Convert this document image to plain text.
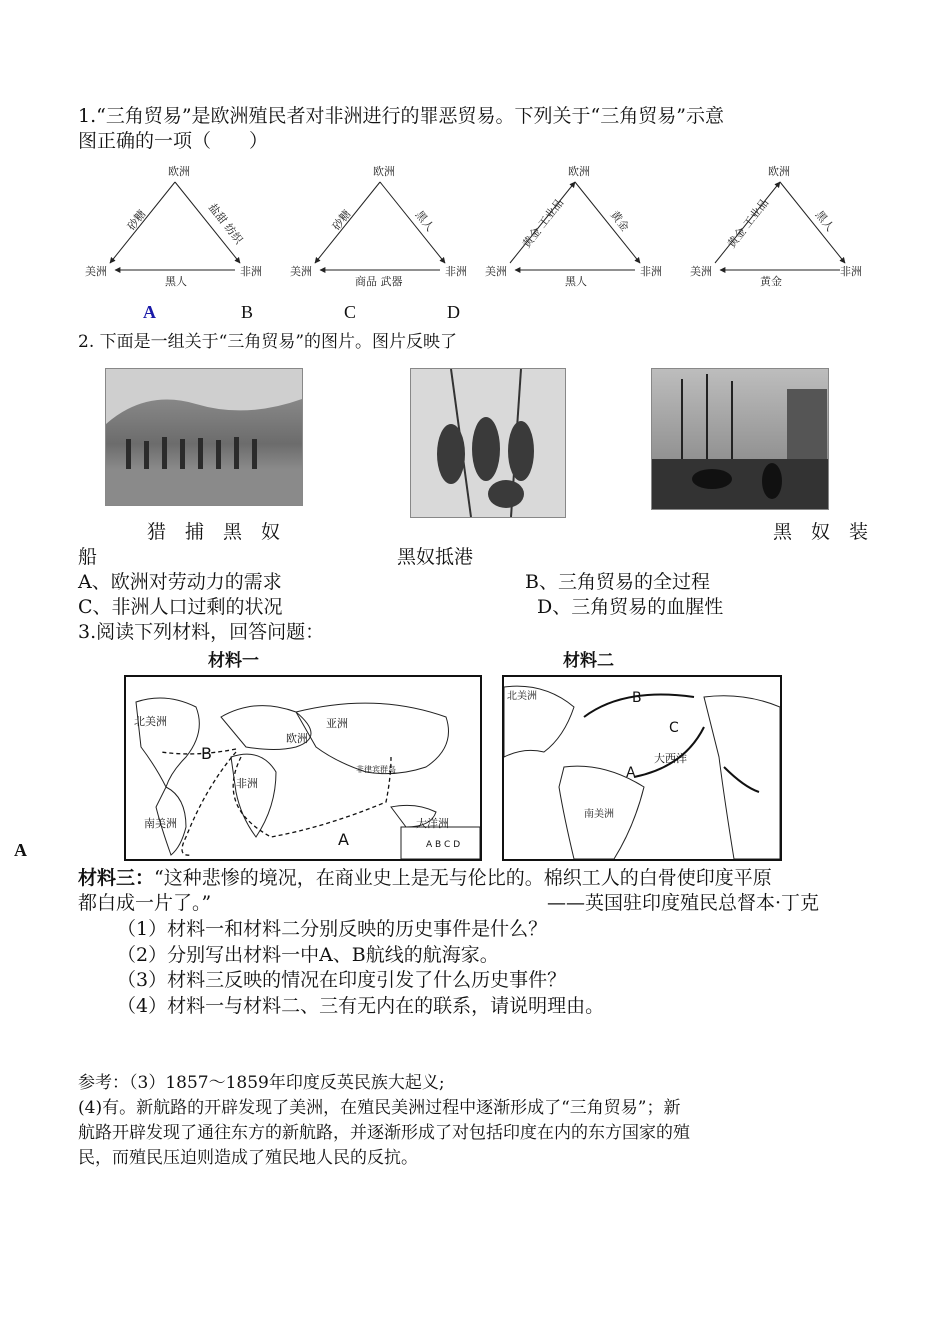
1.“三角贸易”是欧洲殖民者对非洲进行的罪恶贸易。下列关于“三角贸易”示意
图正确的一项（　　）
欧洲
美洲	非洲
砂糖	盐甜 纺织
黑人
欧洲
美洲	非洲
砂糖	黑人
商品 武器
欧洲
美洲	非洲
黄金 工业品	黄金
黑人
欧洲
美洲	非洲
黄金 工业品	黑人
黄金
A	B	C	D
2. 下面是一组关于“三角贸易”的图片。图片反映了
猎　捕　黑　奴	黑　奴　装
船	黑奴抵港
A、欧洲对劳动力的需求	B、三角贸易的全过程
C、非洲人口过剩的状况	D、三角贸易的血腥性
3.阅读下列材料，回答问题：
材料一	材料二
A B C D
北美洲
南美洲
欧洲
亚洲
非洲
大洋洲
非律宾群岛
B
A
北美洲
南美洲
大西洋
B
C
A
A
材料三：“这种悲惨的境况，在商业史上是无与伦比的。棉织工人的白骨使印度平原
都白成一片了。”	——英国驻印度殖民总督本·丁克
（1）材料一和材料二分别反映的历史事件是什么？
（2）分别写出材料一中A、B航线的航海家。
（3）材料三反映的情况在印度引发了什么历史事件？
（4）材料一与材料二、三有无内在的联系，请说明理由。
参考：（3）1857～1859年印度反英民族大起义;
(4)有。新航路的开辟发现了美洲，在殖民美洲过程中逐渐形成了“三角贸易”；新
航路开辟发现了通往东方的新航路，并逐渐形成了对包括印度在内的东方国家的殖
民，而殖民压迫则造成了殖民地人民的反抗。
